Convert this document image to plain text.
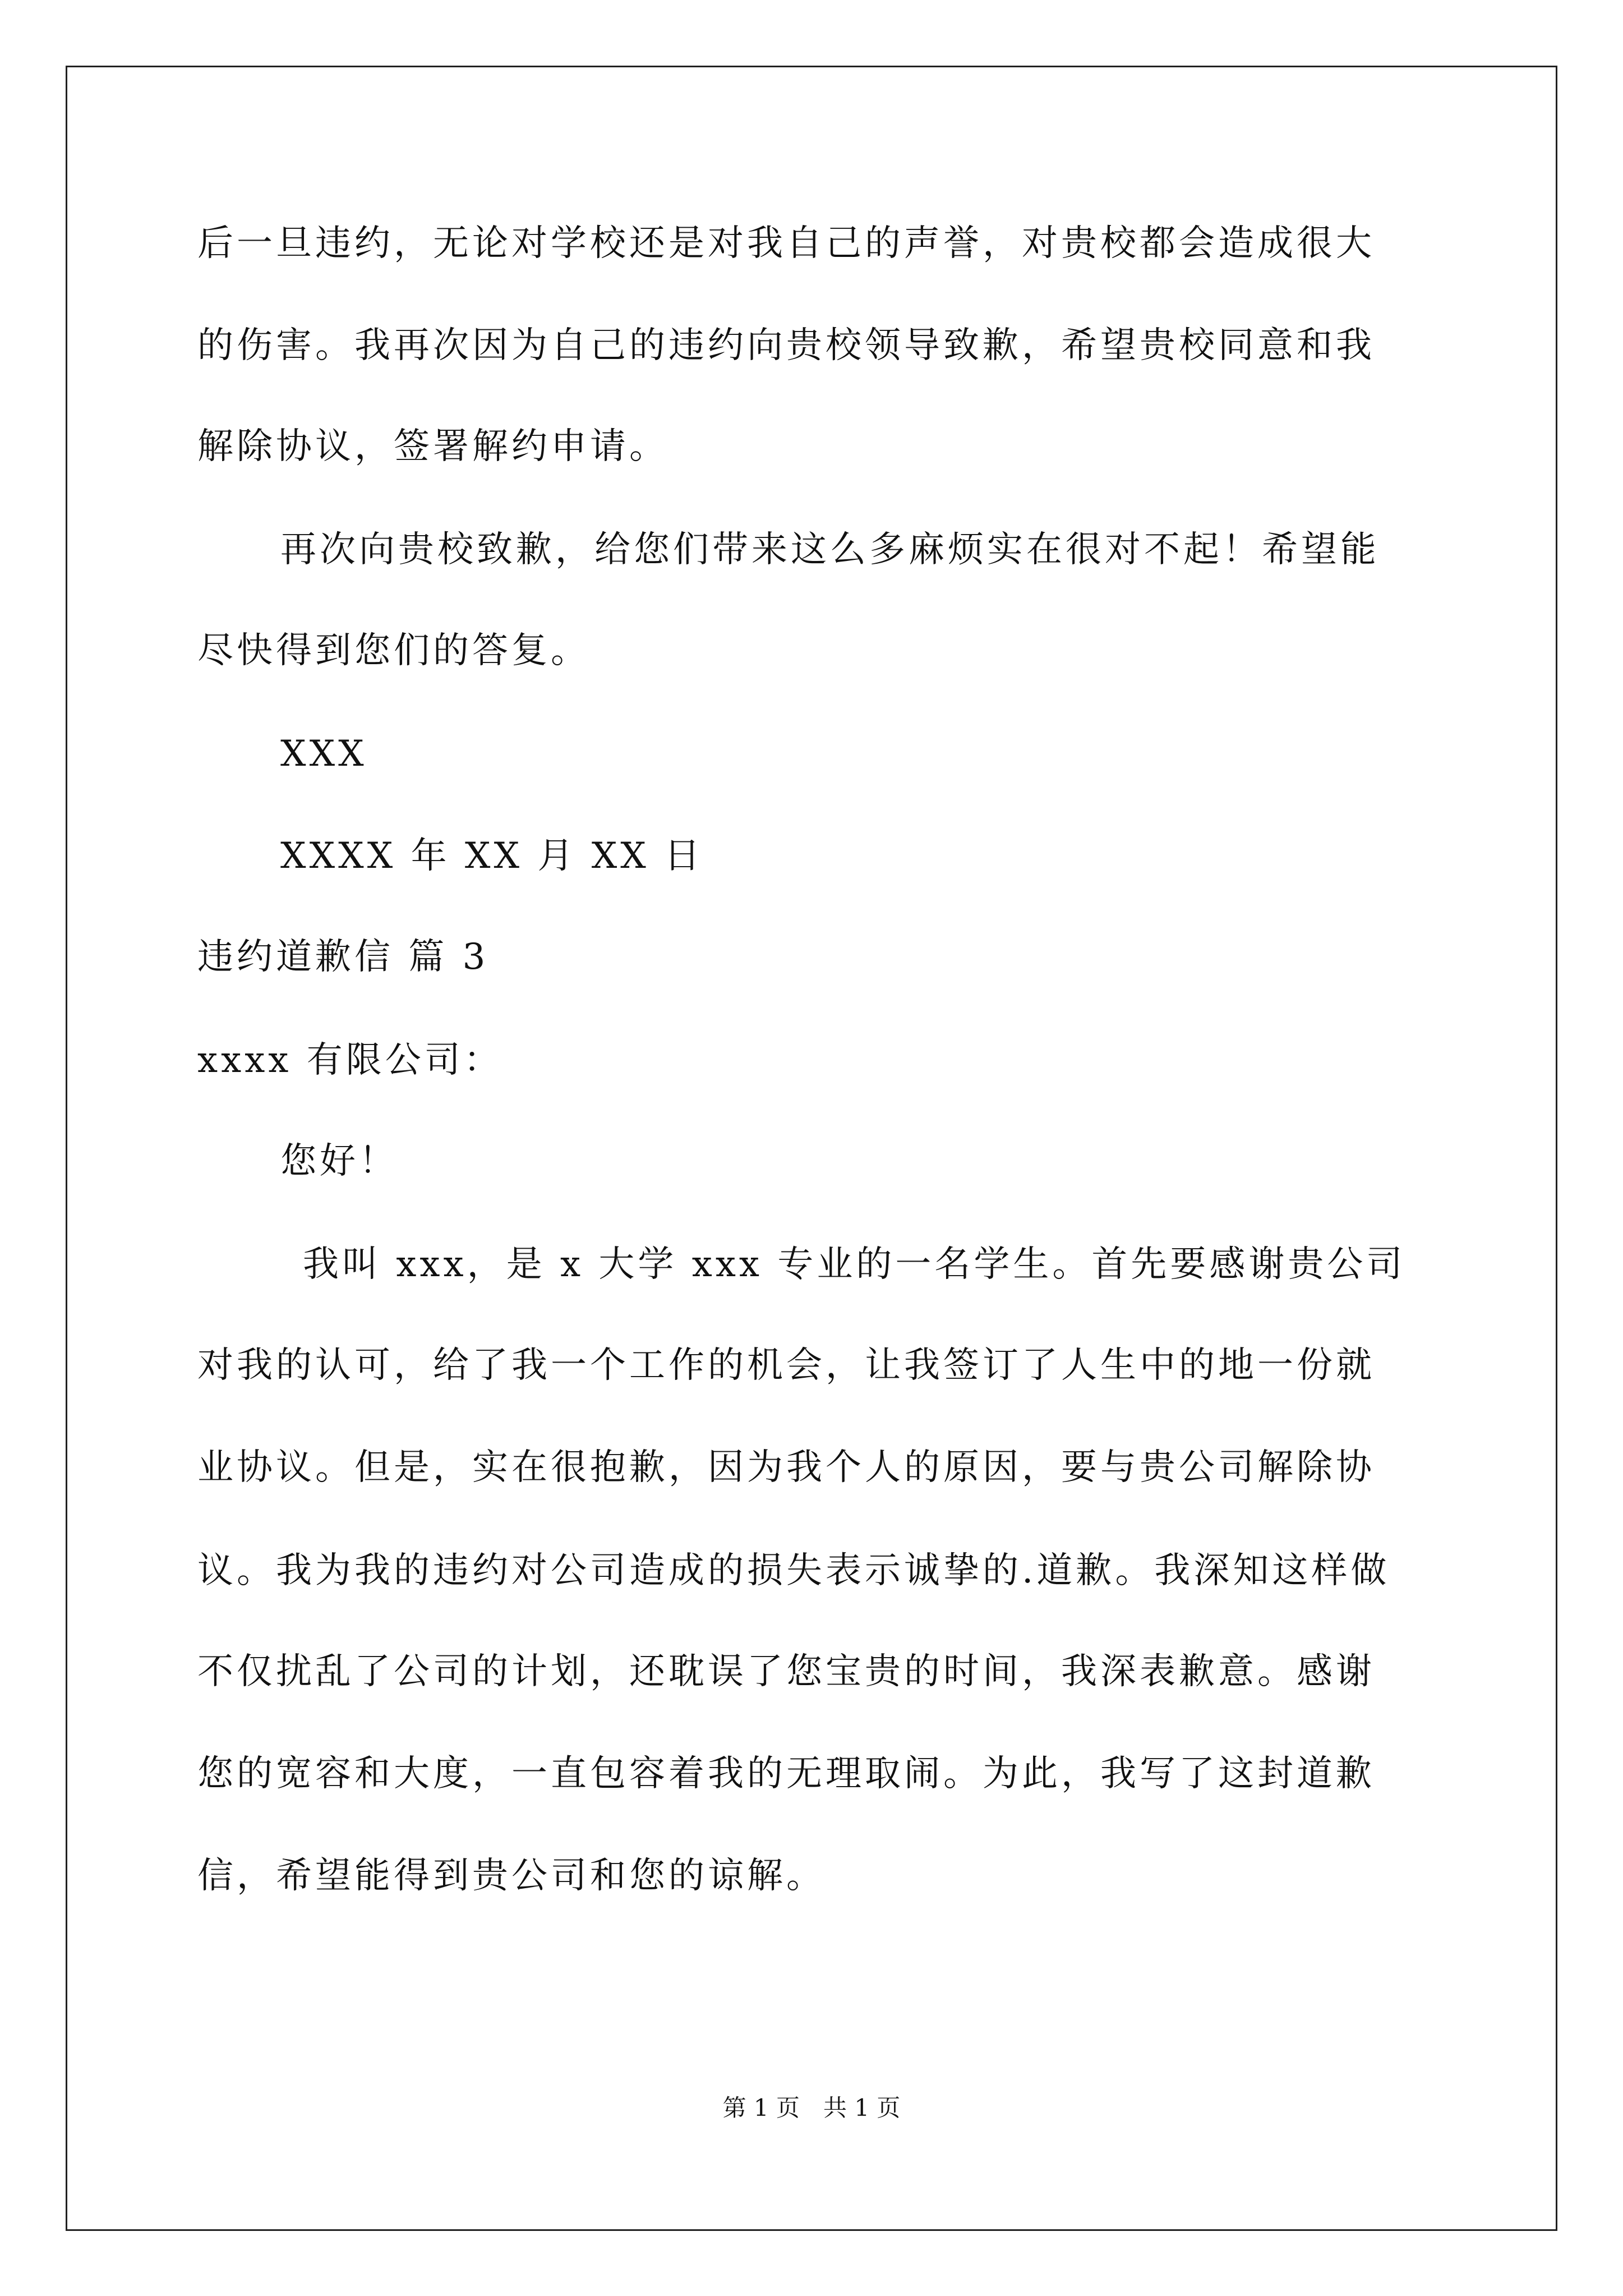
后一旦违约，无论对学校还是对我自己的声誉，对贵校都会造成很大
的伤害。我再次因为自己的违约向贵校领导致歉，希望贵校同意和我
解除协议，签署解约申请。
再次向贵校致歉，给您们带来这么多麻烦实在很对不起！希望能
尽快得到您们的答复。
XXX
XXXX 年 XX 月 XX 日
违约道歉信 篇 3
xxxx 有限公司：
您好！
我叫 xxx，是 x 大学 xxx 专业的一名学生。首先要感谢贵公司
对我的认可，给了我一个工作的机会，让我签订了人生中的地一份就
业协议。但是，实在很抱歉，因为我个人的原因，要与贵公司解除协
议。我为我的违约对公司造成的损失表示诚挚的.道歉。我深知这样做
不仅扰乱了公司的计划，还耽误了您宝贵的时间，我深表歉意。感谢
您的宽容和大度，一直包容着我的无理取闹。为此，我写了这封道歉
信，希望能得到贵公司和您的谅解。
第 1 页　共 1 页
